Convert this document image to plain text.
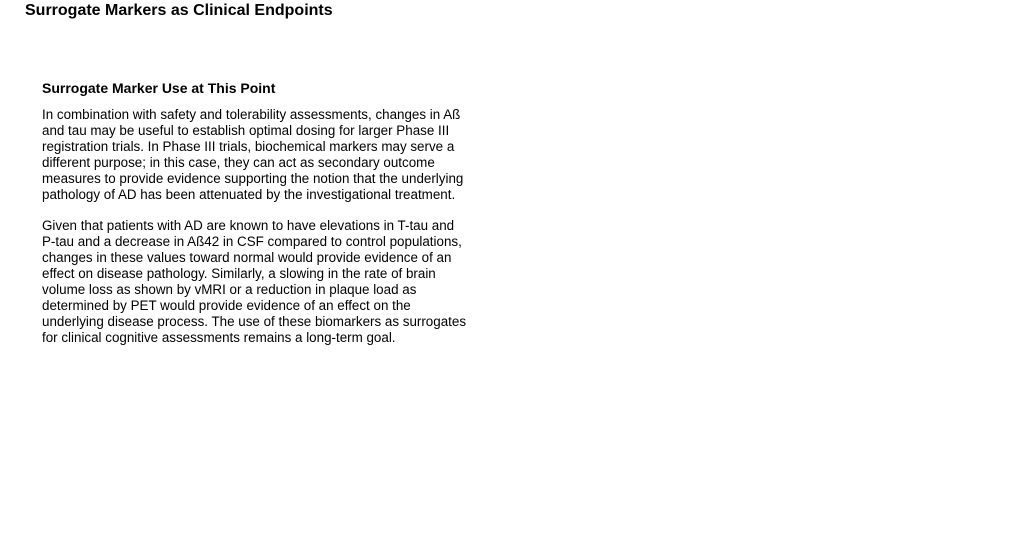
Surrogate Markers as Clinical Endpoints
Surrogate Marker Use at This Point

In combination with safety and tolerability assessments, changes in Aß and tau may be useful to establish optimal dosing for larger Phase III registration trials. In Phase III trials, biochemical markers may serve a different purpose; in this case, they can act as secondary outcome measures to provide evidence supporting the notion that the underlying pathology of AD has been attenuated by the investigational treatment.

Given that patients with AD are known to have elevations in T-tau and P-tau and a decrease in Aß42 in CSF compared to control populations, changes in these values toward normal would provide evidence of an effect on disease pathology. Similarly, a slowing in the rate of brain volume loss as shown by vMRI or a reduction in plaque load as determined by PET would provide evidence of an effect on the underlying disease process. The use of these biomarkers as surrogates for clinical cognitive assessments remains a long-term goal.
